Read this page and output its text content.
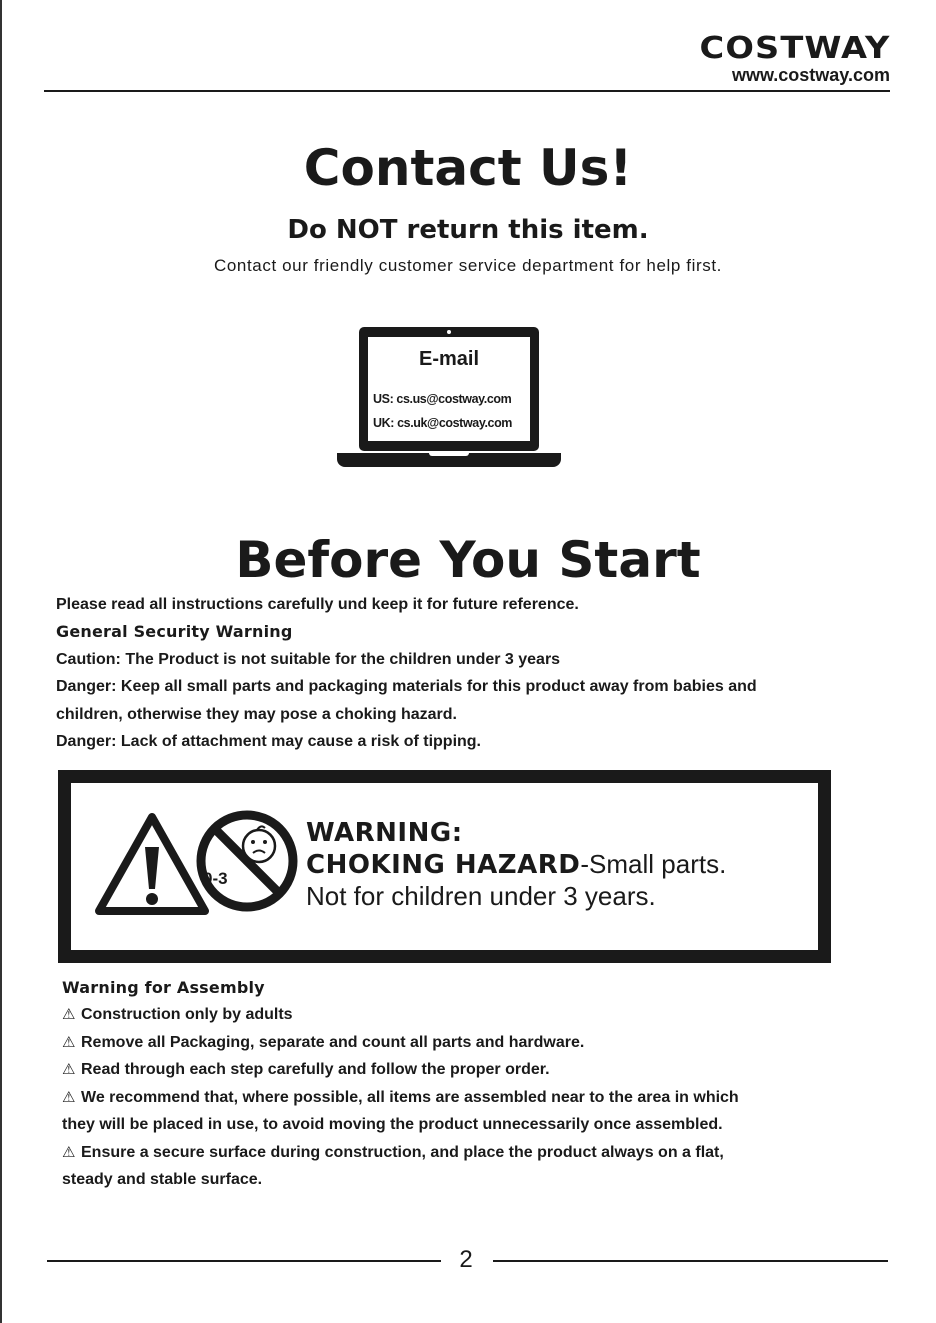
COSTWAY
www.costway.com
Contact Us!
Do NOT return this item.
Contact our friendly customer service department for help first.
E-mail
US: cs.us@costway.com
UK: cs.uk@costway.com
Before You Start
Please read all instructions carefully und keep it for future reference.
General Security Warning
Caution: The Product is not suitable for the children under 3 years
Danger: Keep all small parts and packaging materials for this product away from babies and
children, otherwise they may pose a choking hazard.
Danger: Lack of attachment may cause a risk of tipping.
0-3
WARNING:
CHOKING HAZARD-Small parts.
Not for children under 3 years.
Warning for Assembly
⚠ Construction only by adults
⚠ Remove all Packaging, separate and count all parts and hardware.
⚠ Read through each step carefully and follow the proper order.
⚠ We recommend that, where possible, all items are assembled near to the area in which
they will be placed in use, to avoid moving the product unnecessarily once assembled.
⚠ Ensure a secure surface during construction, and place the product always on a flat,
steady and stable surface.
2
